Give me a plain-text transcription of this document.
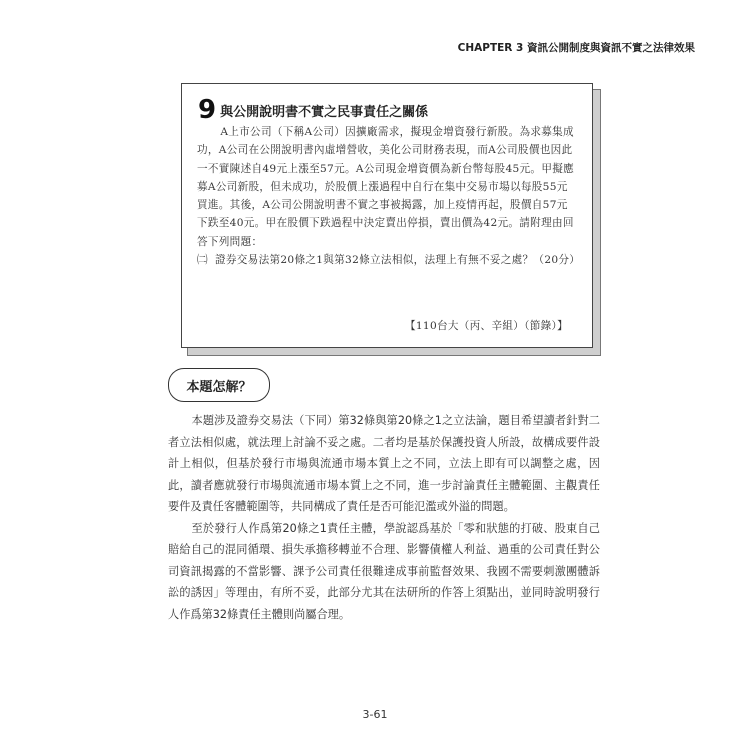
CHAPTER 3 資訊公開制度與資訊不實之法律效果
9 與公開說明書不實之民事責任之關係

A上市公司（下稱A公司）因擴廠需求，擬現金增資發行新股。為求募集成功，A公司在公開說明書內虛增營收，美化公司財務表現，而A公司股價也因此一不實陳述自49元上漲至57元。A公司現金增資價為新台幣每股45元。甲擬應募A公司新股，但未成功，於股價上漲過程中自行在集中交易市場以每股55元買進。其後，A公司公開說明書不實之事被揭露，加上疫情再起，股價自57元下跌至40元。甲在股價下跌過程中決定賣出停損，賣出價為42元。請附理由回答下列問題：

㈡ 證券交易法第20條之1與第32條立法相似，法理上有無不妥之處？（20分）
【110台大（丙、辛組）（節錄）】
本題怎解？

本題涉及證券交易法（下同）第32條與第20條之1之立法論，題目希望讀者針對二者立法相似處，就法理上討論不妥之處。二者均是基於保護投資人所設，故構成要件設計上相似，但基於發行市場與流通市場本質上之不同，立法上即有可以調整之處，因此，讀者應就發行市場與流通市場本質上之不同，進一步討論責任主體範圍、主觀責任要件及責任客體範圍等，共同構成了責任是否可能氾濫或外溢的問題。

至於發行人作爲第20條之1責任主體，學說認爲基於「零和狀態的打破、股東自己賠給自己的混同循環、損失承擔移轉並不合理、影響債權人利益、過重的公司責任對公司資訊揭露的不當影響、課予公司責任很難達成事前監督效果、我國不需要刺激團體訴訟的誘因」等理由，有所不妥，此部分尤其在法研所的作答上須點出，並同時說明發行人作爲第32條責任主體則尚屬合理。

3-61
